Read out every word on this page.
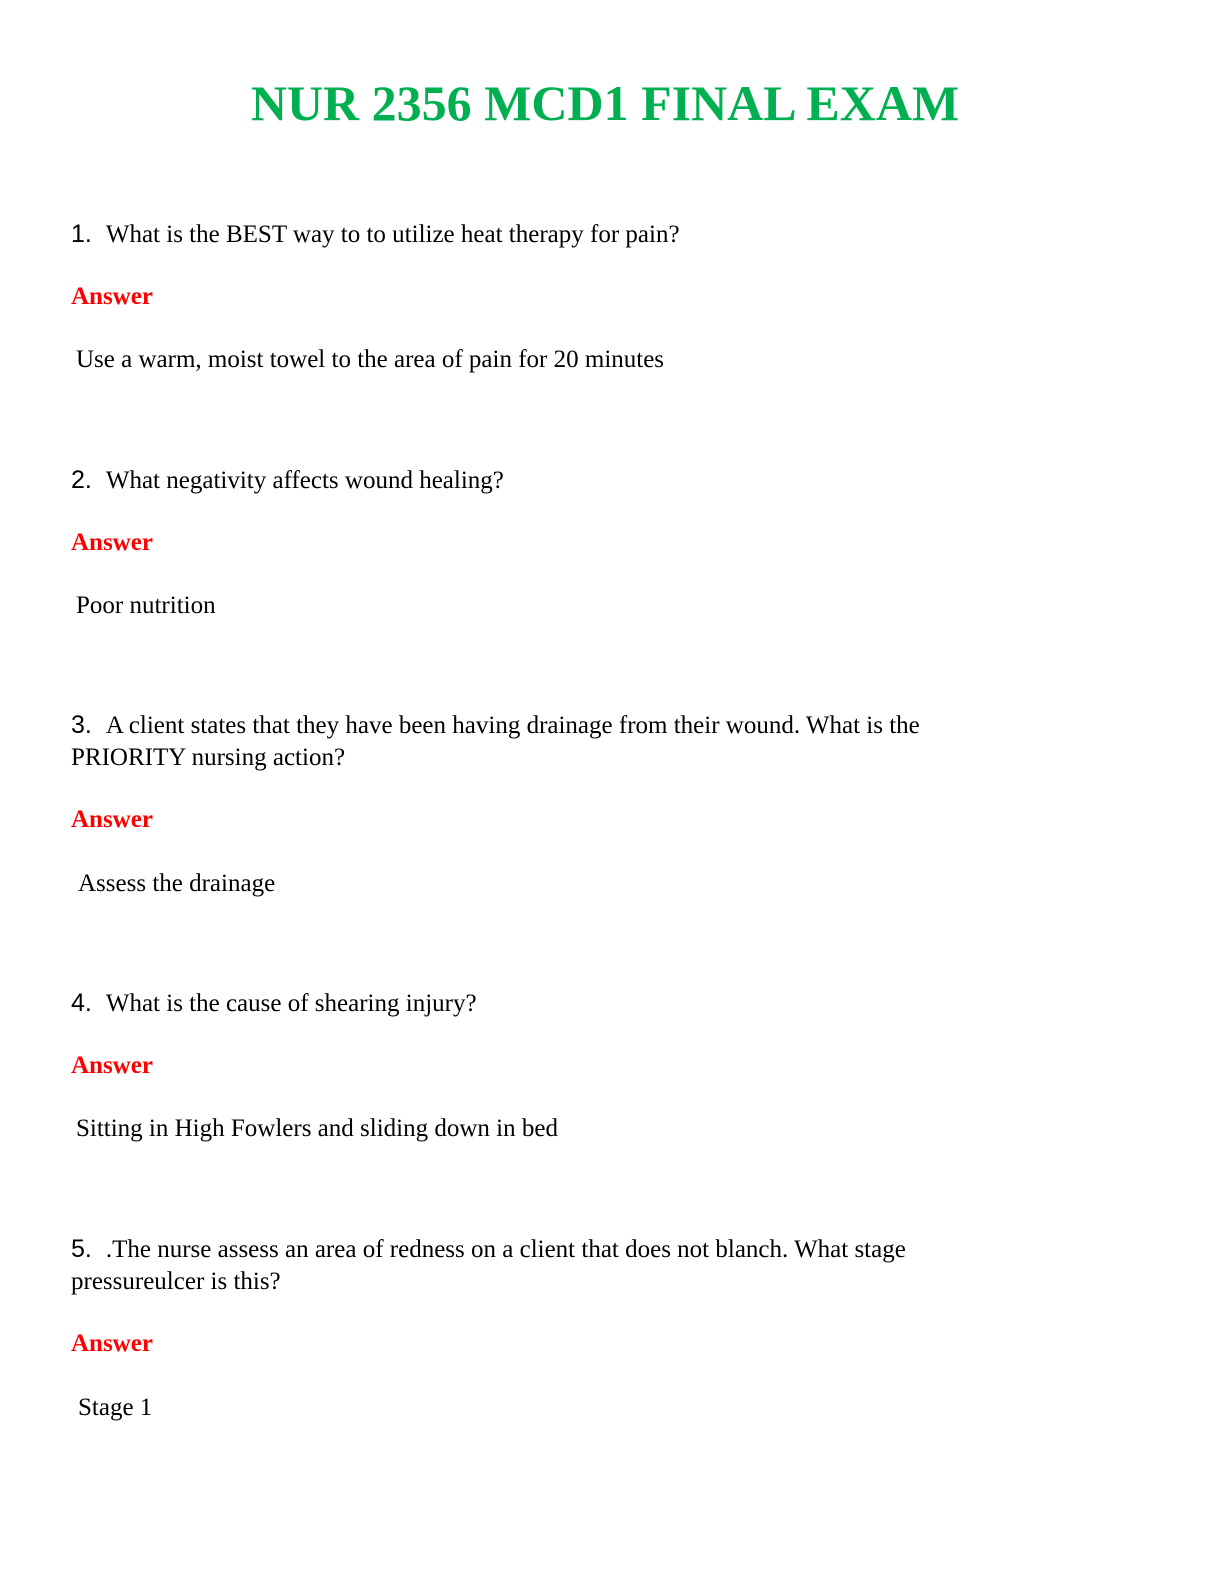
NUR 2356 MCD1 FINAL EXAM

1. What is the BEST way to to utilize heat therapy for pain?

Answer

Use a warm, moist towel to the area of pain for 20 minutes

2. What negativity affects wound healing?

Answer

Poor nutrition

3. A client states that they have been having drainage from their wound. What is the PRIORITY nursing action?

Answer

Assess the drainage

4. What is the cause of shearing injury?

Answer

Sitting in High Fowlers and sliding down in bed

5. .The nurse assess an area of redness on a client that does not blanch. What stage pressureulcer is this?

Answer

Stage 1
